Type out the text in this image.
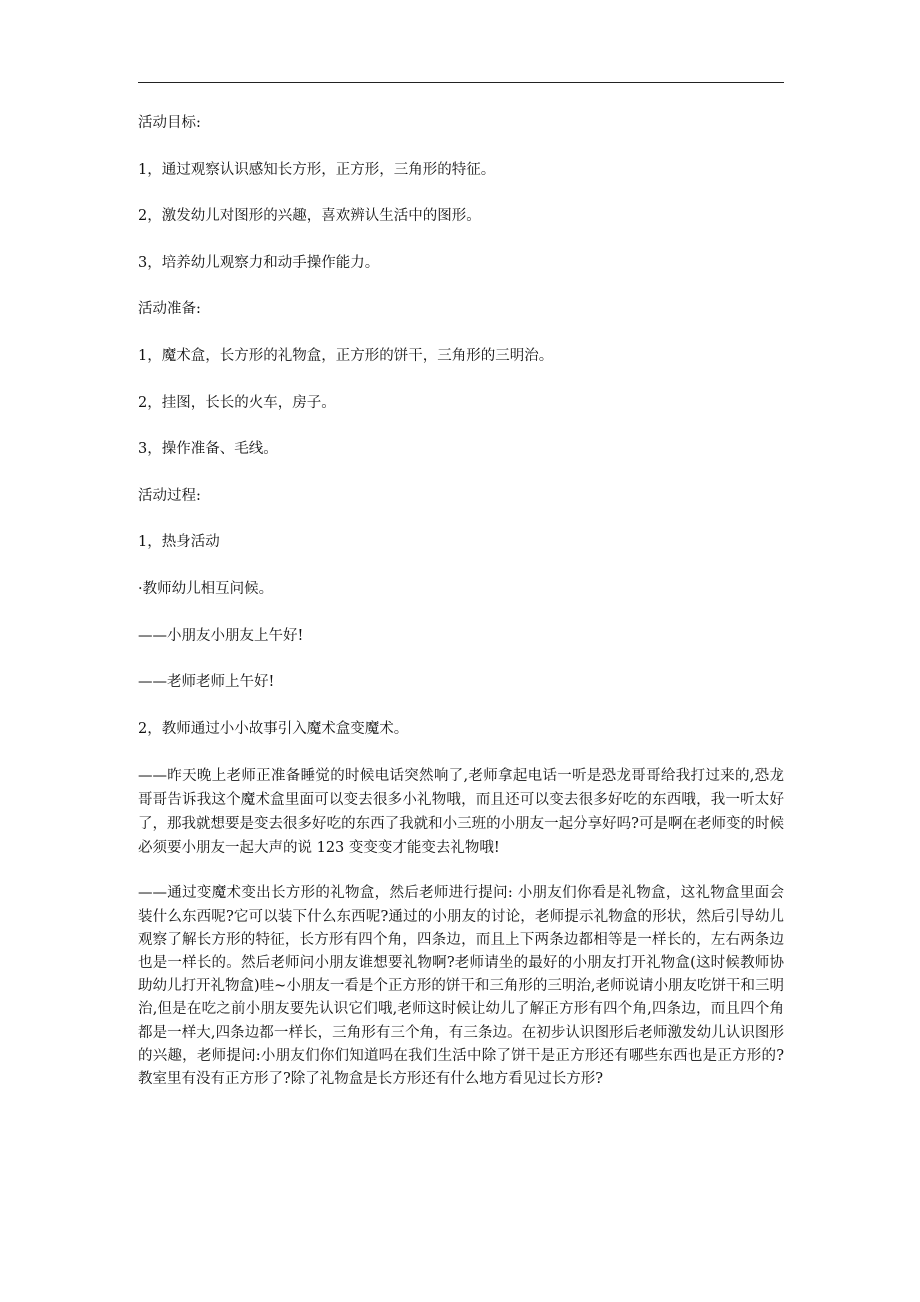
活动目标:
1，通过观察认识感知长方形，正方形，三角形的特征。
2，激发幼儿对图形的兴趣，喜欢辨认生活中的图形。
3，培养幼儿观察力和动手操作能力。
活动准备:
1，魔术盒，长方形的礼物盒，正方形的饼干，三角形的三明治。
2，挂图，长长的火车，房子。
3，操作准备、毛线。
活动过程:
1，热身活动
·教师幼儿相互问候。
——小朋友小朋友上午好!
——老师老师上午好!
2，教师通过小小故事引入魔术盒变魔术。
——昨天晚上老师正准备睡觉的时候电话突然响了,老师拿起电话一听是恐龙哥哥给我打过来的,恐龙哥哥告诉我这个魔术盒里面可以变去很多小礼物哦，而且还可以变去很多好吃的东西哦，我一听太好了，那我就想要是变去很多好吃的东西了我就和小三班的小朋友一起分享好吗?可是啊在老师变的时候必须要小朋友一起大声的说 123 变变变才能变去礼物哦!
——通过变魔术变出长方形的礼物盒，然后老师进行提问: 小朋友们你看是礼物盒，这礼物盒里面会装什么东西呢?它可以装下什么东西呢?通过的小朋友的讨论，老师提示礼物盒的形状，然后引导幼儿观察了解长方形的特征，长方形有四个角，四条边，而且上下两条边都相等是一样长的，左右两条边也是一样长的。然后老师问小朋友谁想要礼物啊?老师请坐的最好的小朋友打开礼物盒(这时候教师协助幼儿打开礼物盒)哇~小朋友一看是个正方形的饼干和三角形的三明治,老师说请小朋友吃饼干和三明治,但是在吃之前小朋友要先认识它们哦,老师这时候让幼儿了解正方形有四个角,四条边，而且四个角都是一样大,四条边都一样长，三角形有三个角，有三条边。在初步认识图形后老师激发幼儿认识图形的兴趣，老师提问:小朋友们你们知道吗在我们生活中除了饼干是正方形还有哪些东西也是正方形的?教室里有没有正方形了?除了礼物盒是长方形还有什么地方看见过长方形?
